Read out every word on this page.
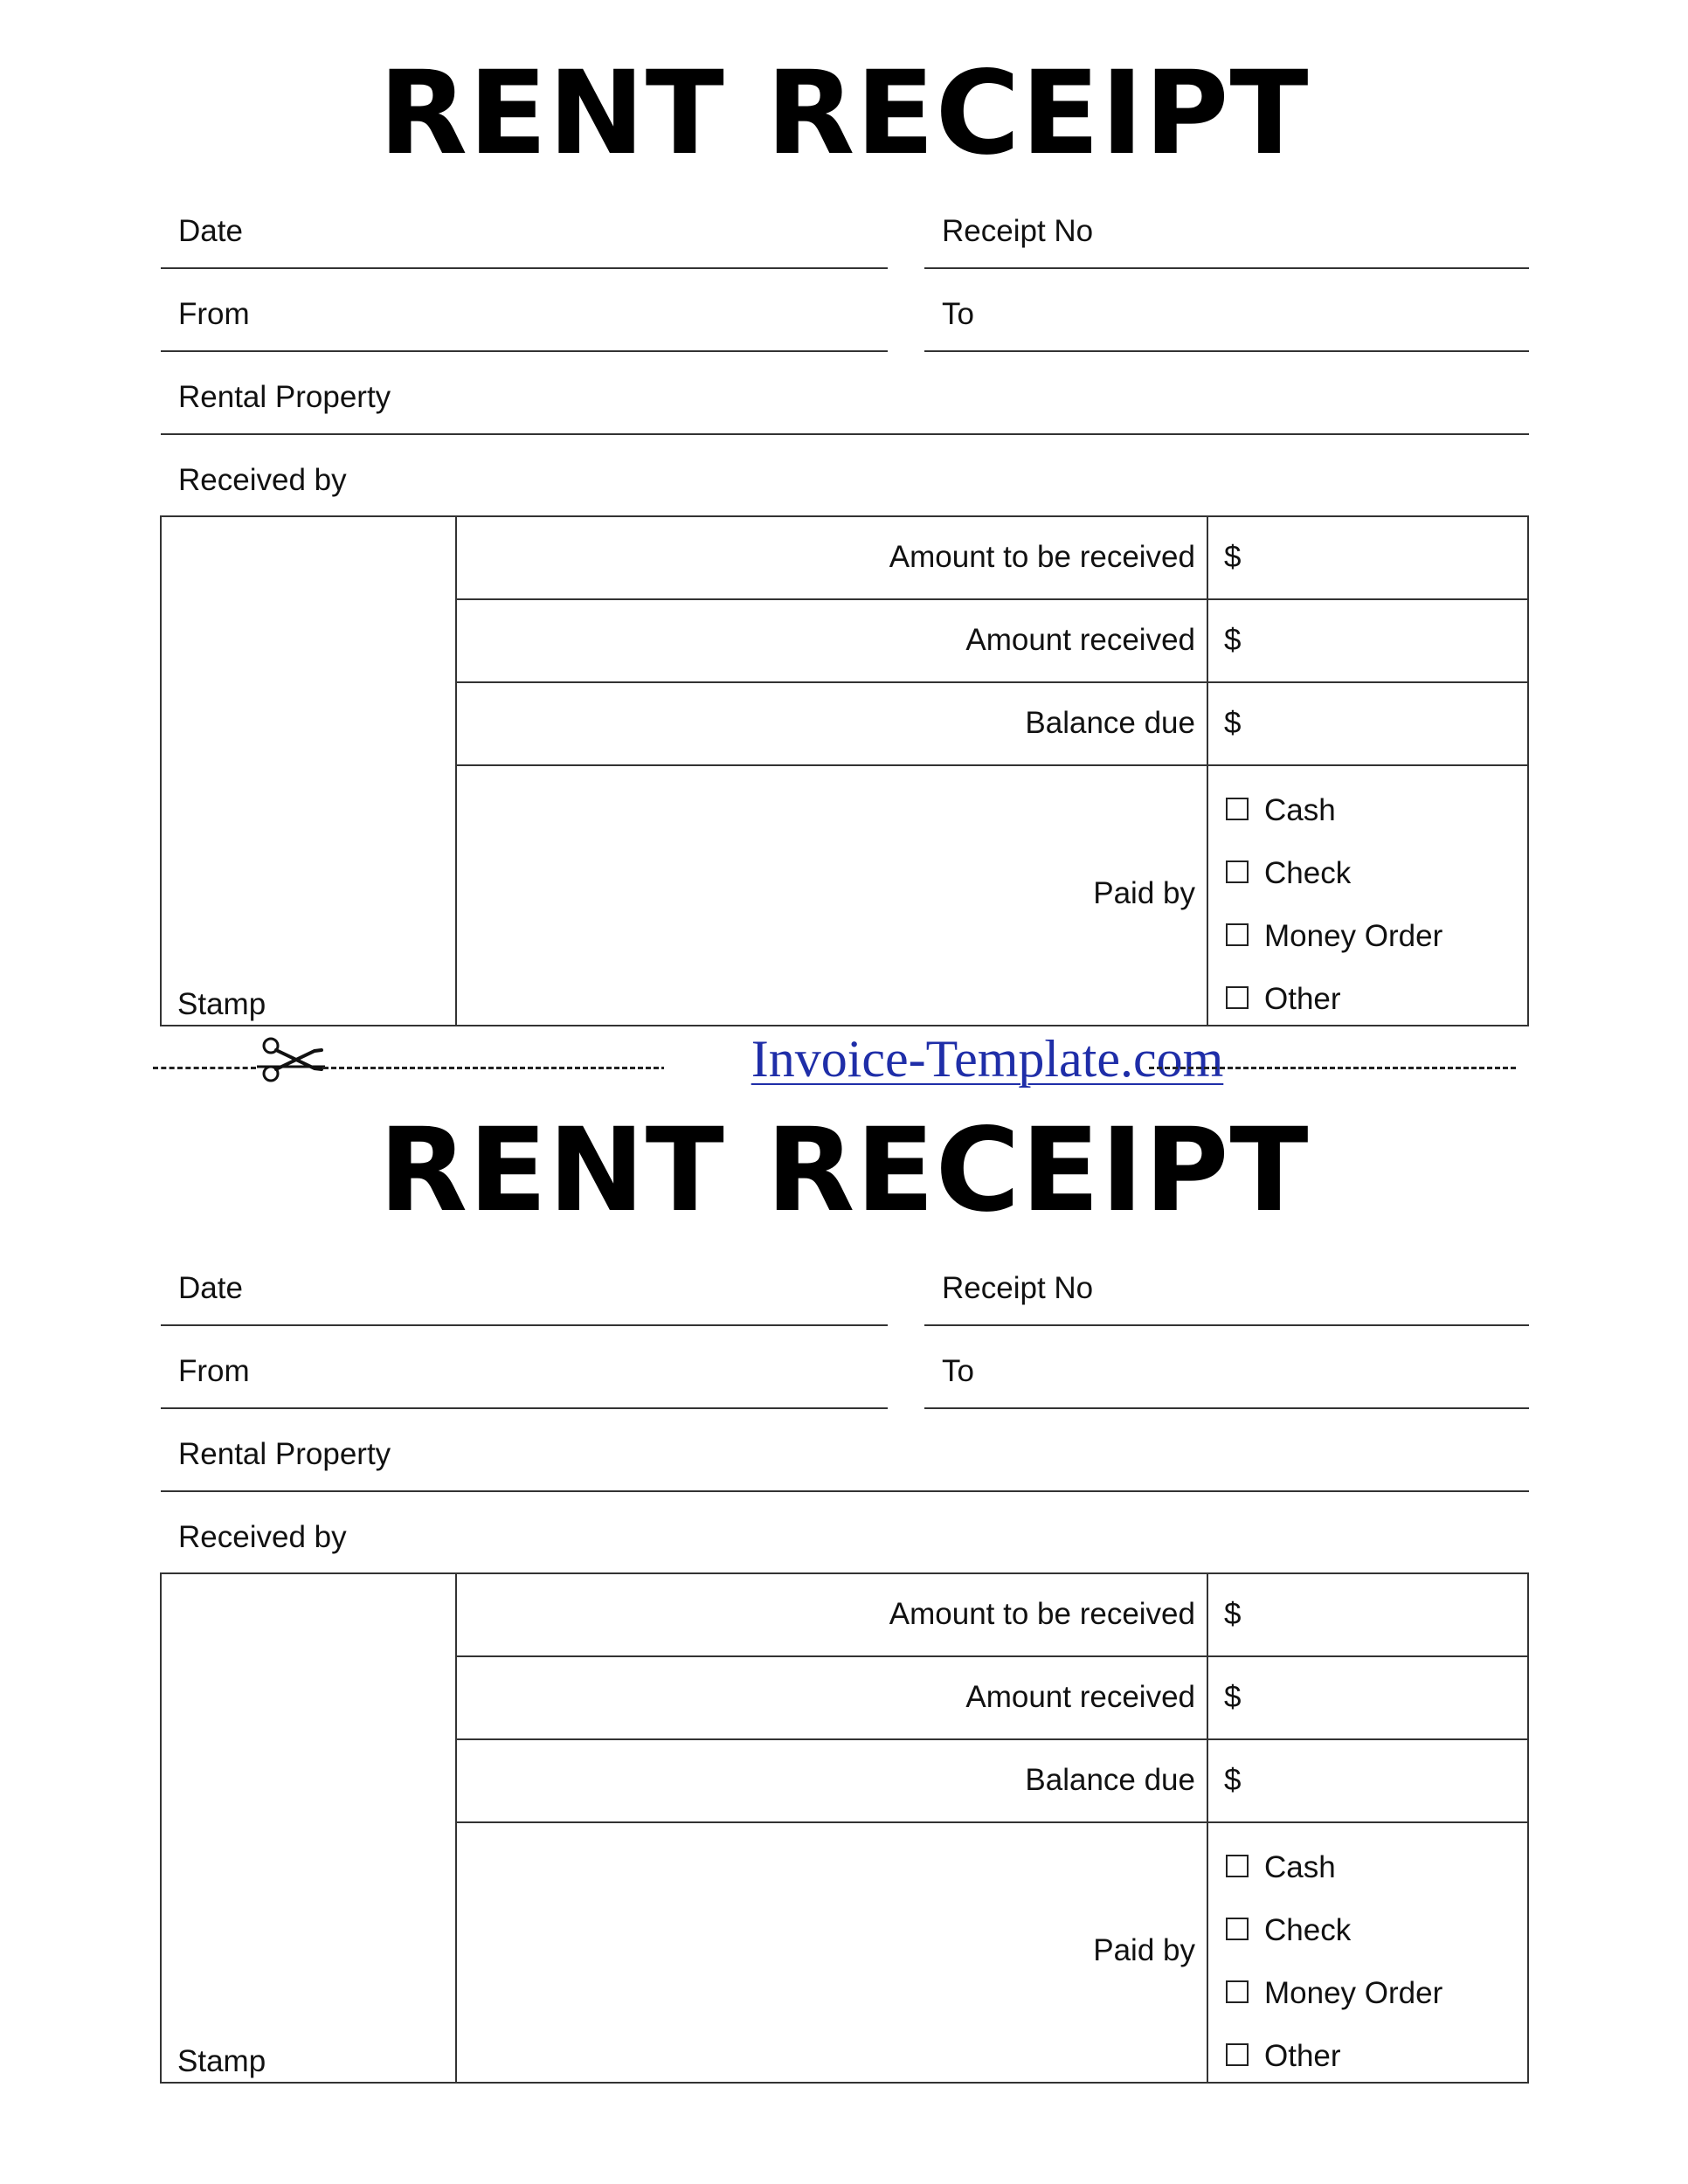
RENT RECEIPT
Date	Receipt No
From	To
Rental Property
Received by
Stamp
Amount to be received $
Amount received $
Balance due $
Paid by
Cash
Check
Money Order
Other
Invoice-Template.com
RENT RECEIPT
Date	Receipt No
From	To
Rental Property
Received by
Stamp
Amount to be received $
Amount received $
Balance due $
Paid by
Cash
Check
Money Order
Other
